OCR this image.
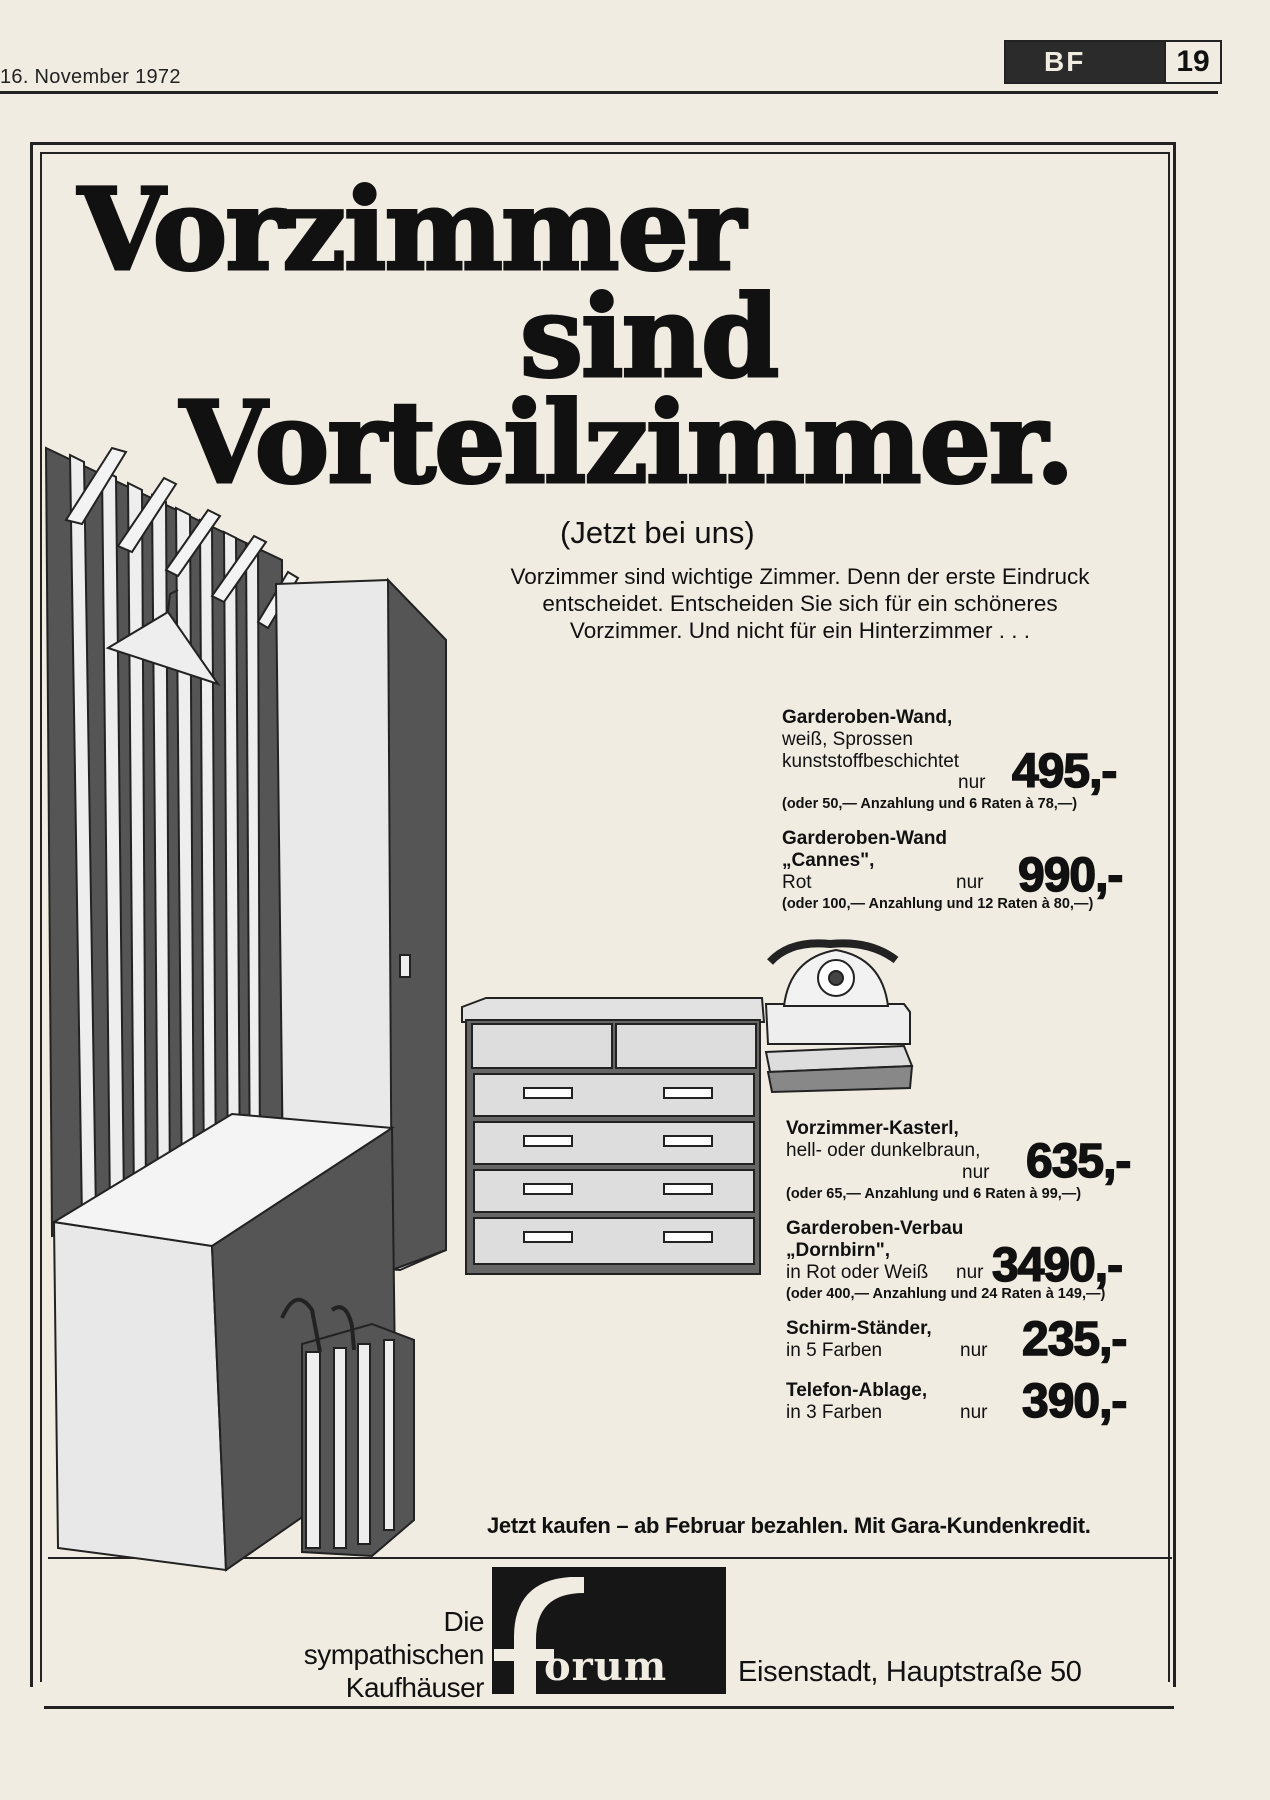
16. November 1972	BF	19
Vorzimmer
sind
Vorteilzimmer.
(Jetzt bei uns)
Vorzimmer sind wichtige Zimmer. Denn der erste Eindruck entscheidet. Entscheiden Sie sich für ein schöneres Vorzimmer. Und nicht für ein Hinterzimmer . . .
Garderoben-Wand,
weiß, Sprossen
kunststoffbeschichtet
nur 495,-
(oder 50,— Anzahlung und 6 Raten à 78,—)
Garderoben-Wand
„Cannes",
Rot	nur 990,-
(oder 100,— Anzahlung und 12 Raten à 80,—)
Vorzimmer-Kasterl,
hell- oder dunkelbraun,
nur 635,-
(oder 65,— Anzahlung und 6 Raten à 99,—)
Garderoben-Verbau
„Dornbirn",
in Rot oder Weiß nur 3490,-
(oder 400,— Anzahlung und 24 Raten à 149,—)
Schirm-Ständer,
in 5 Farben	nur 235,-
Telefon-Ablage,
in 3 Farben	nur 390,-
Jetzt kaufen – ab Februar bezahlen. Mit Gara-Kundenkredit.
Die
sympathischen
Kaufhäuser orum Eisenstadt, Hauptstraße 50
